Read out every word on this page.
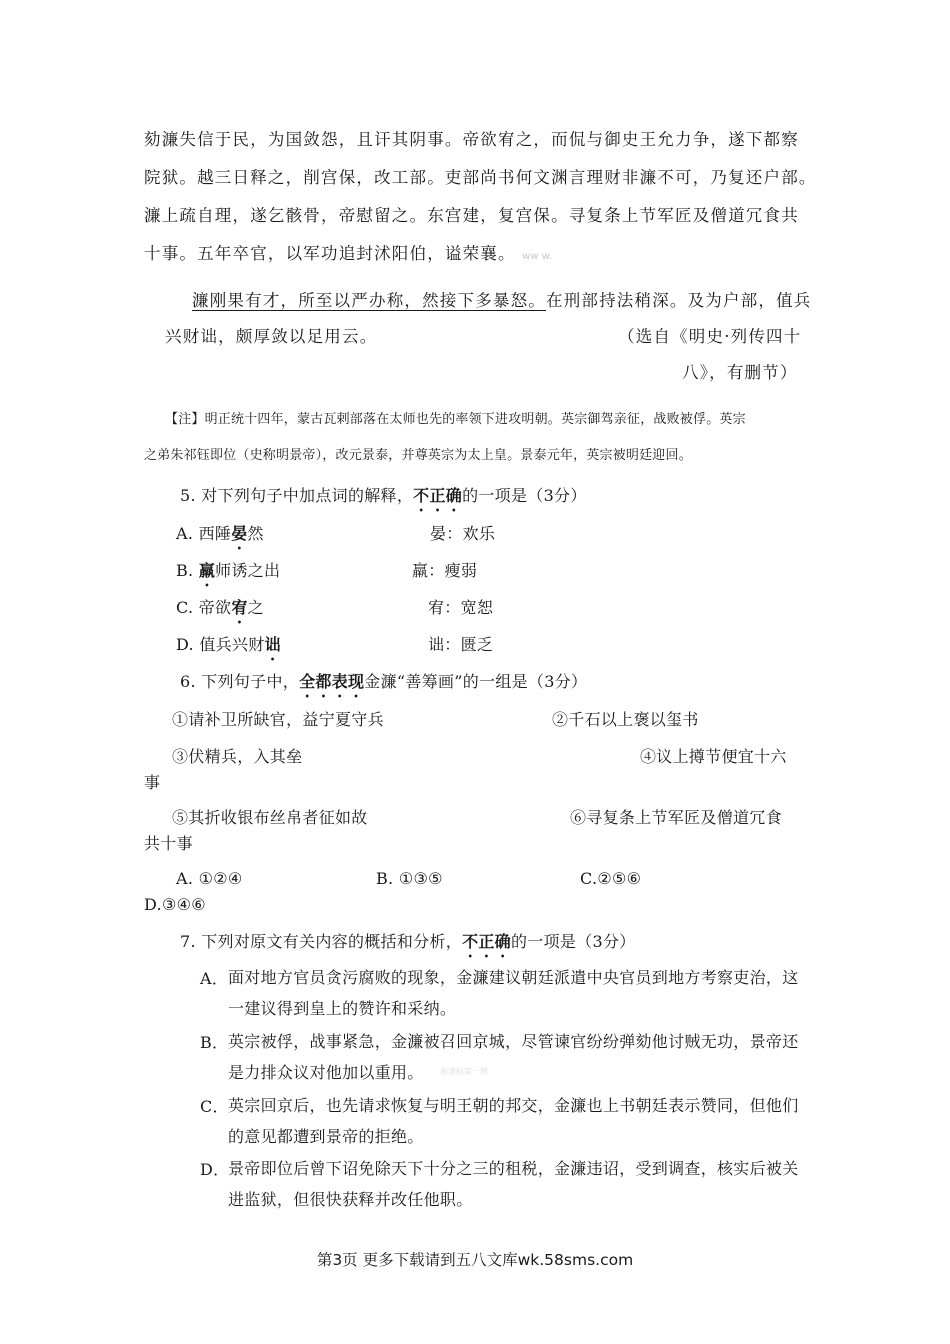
劾濂失信于民，为国敛怨，且讦其阴事。帝欲宥之，而侃与御史王允力争，遂下都察
院狱。越三日释之，削宫保，改工部。吏部尚书何文渊言理财非濂不可，乃复还户部。
濂上疏自理，遂乞骸骨，帝慰留之。东宫建，复宫保。寻复条上节军匠及僧道冗食共
十事。五年卒官，以军功追封沭阳伯，谥荣襄。 ww w.
濂刚果有才，所至以严办称，然接下多暴怒。在刑部持法稍深。及为户部，值兵
兴财诎，颇厚敛以足用云。	（选自《明史·列传四十
八》，有删节）
【注】明正统十四年，蒙古瓦剌部落在太师也先的率领下进攻明朝。英宗御驾亲征，战败被俘。英宗
之弟朱祁钰即位（史称明景帝），改元景泰，并尊英宗为太上皇。景泰元年，英宗被明廷迎回。
5. 对下列句子中加点词的解释，不正确的一项是（3分）
A. 西陲晏然	晏：欢乐
B. 羸师诱之出	羸：瘦弱
C. 帝欲宥之	宥：宽恕
D. 值兵兴财诎	诎：匮乏
6. 下列句子中，全都表现金濂“善筹画”的一组是（3分）
①请补卫所缺官，益宁夏守兵	②千石以上褒以玺书
③伏精兵，入其垒	④议上撙节便宜十六
事
⑤其折收银布丝帛者征如故	⑥寻复条上节军匠及僧道冗食
共十事
A. ①②④	B. ①③⑤	C.②⑤⑥
D.③④⑥
7. 下列对原文有关内容的概括和分析，不正确的一项是（3分）
A． 面对地方官员贪污腐败的现象，金濂建议朝廷派遣中央官员到地方考察吏治，这一建议得到皇上的赞许和采纳。
B． 英宗被俘，战事紧急，金濂被召回京城，尽管谏官纷纷弹劾他讨贼无功，景帝还是力排众议对他加以重用。	新课标第一网
C． 英宗回京后，也先请求恢复与明王朝的邦交，金濂也上书朝廷表示赞同，但他们的意见都遭到景帝的拒绝。
D．
景帝即位后曾下诏免除天下十分之三的租税，金濂违诏，受到调查，核实后被关进监狱，但很快获释并改任他职。
第3页 更多下载请到五八文库wk.58sms.com
